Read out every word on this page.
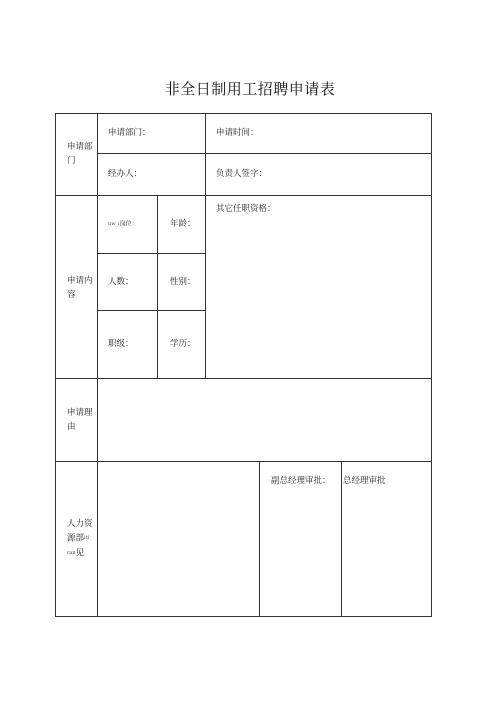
非全日制用工招聘申请表
申请部
门
申请部门：	申请时间：
经办人：	负责人签字：
申请内
容
uw_i岗位：	年龄：
人数：	性别：
职级：	学历：
其它任职资格：
申请理
由
人力资
源部iti
ran见
副总经理审批： 总经理审批
